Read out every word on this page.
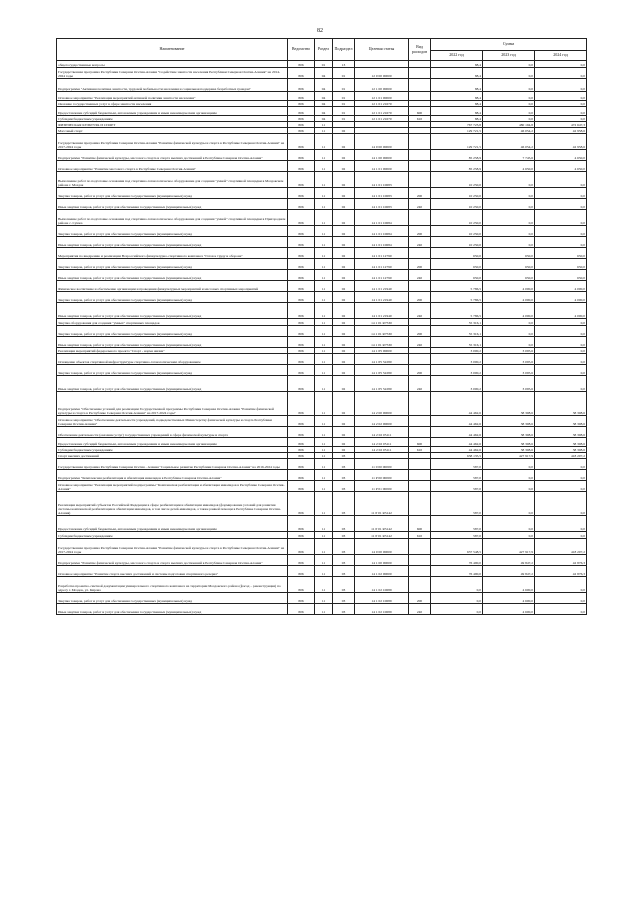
82
Наименование	Ведомство	Раздел	Подраздел	Целевая статья	Вид расходов	Сумма		
						2022 год	2023 год	2024 год
общегосударственные вопросы	806	01	13			88,4	0,0	0,0
Государственная программа Республики Северная Осетия-Алания "Содействие занятости населения Республики Северная Осетия-Алания" на 2014-2024 годы	806	04	01	12 0 00 00000		88,4	0,0	0,0
Подпрограмма "Активная политика занятости, трудовой мобильности населения и социальная поддержка безработных граждан"	806	04	01	12 1 00 00000		88,4	0,0	0,0
Основное мероприятие "Реализация мероприятий активной политики занятости населения"	806	04	01	12 1 01 00000		88,4	0,0	0,0
Оказание государственных услуг в сфере занятости населения	806	04	01	12 1 01 21670		88,4	0,0	0,0
Предоставление субсидий бюджетным, автономным учреждениям и иным некоммерческим организациям	806	04	01	12 1 01 21670	600	88,4	0,0	0,0
Субсидии бюджетным учреждениям	806	04	01	12 1 01 21670	610	88,4	0,0	0,0
ФИЗИЧЕСКАЯ КУЛЬТУРА И СПОРТ	806	11				767 723,8	480 194,8	472 647,3
Массовый спорт	806	11	02			129 721,5	46 054,2	42 958,6
Государственная программа Республики Северная Осетия-Алания "Развитие физической культуры и спорта в Республике Северная Осетия-Алания" на 2017-2024 годы	806	11	02	14 0 00 00000		129 721,5	46 054,2	42 958,6
Подпрограмма "Развитие физической культуры, массового спорта и спорта высших достижений в Республике Северная Осетия-Алания"	806	11	02	14 1 00 00000		85 258,9	7 745,6	4 650,0
Основное мероприятие "Развитие массового спорта в Республике Северная Осетия-Алания"	806	11	02	14 1 01 00000		85 258,9	4 650,0	4 650,0
Выполнение работ по подготовке основания под спортивно-технологическое оборудование для создания "умной" спортивной площадки в Моздокском районе г. Моздок	806	11	02	14 1 01 10683		10 250,0	0,0	0,0
Закупка товаров, работ и услуг для обеспечения государственных (муниципальных) нужд	806	11	02	14 1 01 10683	200	10 250,0	0,0	0,0
Иные закупки товаров, работ и услуг для обеспечения государственных (муниципальных) нужд	806	11	02	14 1 01 10683	240	10 250,0	0,0	0,0
Выполнение работ по подготовке основания под спортивно-технологическое оборудование для создания "умной" спортивной площадки в Пригородном районе с. Сунжа	806	11	02	14 1 01 10684		10 250,0	0,0	0,0
Закупка товаров, работ и услуг для обеспечения государственных (муниципальных) нужд	806	11	02	14 1 01 10684	200	10 250,0	0,0	0,0
Иные закупки товаров, работ и услуг для обеспечения государственных (муниципальных) нужд	806	11	02	14 1 01 10684	240	10 250,0	0,0	0,0
Мероприятия по внедрению и реализации Всероссийского физкультурно-спортивного комплекса "Готов к труду и обороне"	806	11	02	14 1 01 12790		650,0	650,0	650,0
Закупка товаров, работ и услуг для обеспечения государственных (муниципальных) нужд	806	11	02	14 1 01 12790	200	650,0	650,0	650,0
Иные закупки товаров, работ и услуг для обеспечения государственных (муниципальных) нужд	806	11	02	14 1 01 12790	240	650,0	650,0	650,0
Физическое воспитание и обеспечение организации и проведения физкультурных мероприятий и массовых спортивных мероприятий	806	11	02	14 1 01 21940		5 786,5	4 000,0	4 000,0
Закупка товаров, работ и услуг для обеспечения государственных (муниципальных) нужд	806	11	02	14 1 01 21940	200	5 786,5	4 000,0	4 000,0
Иные закупки товаров, работ и услуг для обеспечения государственных (муниципальных) нужд	806	11	02	14 1 01 21940	240	5 786,5	4 000,0	4 000,0
Закупка оборудования для создания "умных" спортивных площадок	806	11	02	14 1 01 R7530		55 316,1	0,0	0,0
Закупка товаров, работ и услуг для обеспечения государственных (муниципальных) нужд	806	11	02	14 1 01 R7530	200	55 316,1	0,0	0,0
Иные закупки товаров, работ и услуг для обеспечения государственных (муниципальных) нужд	806	11	02	14 1 01 R7530	240	55 316,1	0,0	0,0
Реализация мероприятий федерального проекта "Спорт - норма жизни"	806	11	02	14 1 P5 00000		3 000,2	3 095,6	0,0
Оснащение объектов спортивной инфраструктуры спортивно-технологическим оборудованием	806	11	02	14 1 P5 52280		3 000,2	3 095,6	0,0
Закупка товаров, работ и услуг для обеспечения государственных (муниципальных) нужд	806	11	02	14 1 P5 52280	200	3 000,2	3 095,6	0,0
Иные закупки товаров, работ и услуг для обеспечения государственных (муниципальных) нужд	806	11	02	14 1 P5 52280	240	3 000,2	3 095,6	0,0
Подпрограмма "Обеспечение условий для реализации Государственной программы Республики Северная Осетия-Алания "Развитие физической культуры и спорта в Республике Северная Осетия-Алания" на 2017-2024 годы"	806	11	02	14 2 00 00000		44 462,6	38 308,6	38 308,6
Основное мероприятие "Обеспечение деятельности учреждений, подведомственных Министерству физической культуры и спорта Республики Северная Осетия-Алания"	806	11	02	14 2 02 00000		44 462,6	38 308,6	38 308,6
Обеспечение деятельности (оказание услуг) государственных учреждений в сфере физической культуры и спорта	806	11	02	14 2 02 05111		44 462,6	38 308,6	38 308,6
Предоставление субсидий бюджетным, автономным учреждениям и иным некоммерческим организациям	806	11	02	14 2 02 05111	600	44 462,6	38 308,6	38 308,6
Субсидии бюджетным учреждениям	806	11	02	14 2 02 05111	610	44 462,6	38 308,6	38 308,6
Спорт высших достижений	806	11	03			638 135,5	427 917,9	418 207,2
Государственная программа Республики Северная Осетия - Алания "Социальное развитие Республики Северная Осетия-Алания" на 2016-2024 годы	806	11	03	11 0 00 00000		587,0	0,0	0,0
Подпрограмма "Комплексная реабилитация и абилитация инвалидов в Республике Северная Осетия-Алания"	806	11	03	11 P 00 00000		587,0	0,0	0,0
Основное мероприятие "Реализация мероприятий подпрограммы "Комплексная реабилитация и абилитация инвалидов в Республике Северная Осетия-Алания"	806	11	03	11 P 01 00000		587,0	0,0	0,0
Реализация мероприятий субъектов Российской Федерации в сфере реабилитации и абилитации инвалидов (формирование условий для развития системы комплексной реабилитации и абилитации инвалидов, в том числе детей-инвалидов, а также ранней помощи в Республике Северная Осетия-Алания)	806	11	03	11 P 01 R5142		587,0	0,0	0,0
Предоставление субсидий бюджетным, автономным учреждениям и иным некоммерческим организациям	806	11	03	11 P 01 R5142	600	587,0	0,0	0,0
Субсидии бюджетным учреждениям	806	11	03	11 P 01 R5142	610	587,0	0,0	0,0
Государственная программа Республики Северная Осетия-Алания "Развитие физической культуры и спорта в Республике Северная Осетия-Алания" на 2017-2024 годы	806	11	03	14 0 00 00000		637 548,5	427 917,9	418 207,2
Подпрограмма "Развитие физической культуры, массового спорта и спорта высших достижений в Республике Северная Осетия-Алания"	806	11	03	14 1 00 00000		76 490,0	49 847,2	42 876,3
Основное мероприятие "Развитие спорта высших достижений и системы подготовки спортивного резерва"	806	11	03	14 1 02 00000		76 490,0	49 847,2	42 876,3
Разработка проектно-сметной документации универсального спортивного комплекса на территории Моздокского района (фасад – реконструкция) по адресу г. Моздок, ул. Кирова	806	11	03	14 1 02 10689		0,0	4 600,0	0,0
Закупка товаров, работ и услуг для обеспечения государственных (муниципальных) нужд	806	11	03	14 1 02 10689	200	0,0	4 600,0	0,0
Иные закупки товаров, работ и услуг для обеспечения государственных (муниципальных) нужд	806	11	03	14 1 02 10689	240	0,0	4 600,0	0,0
